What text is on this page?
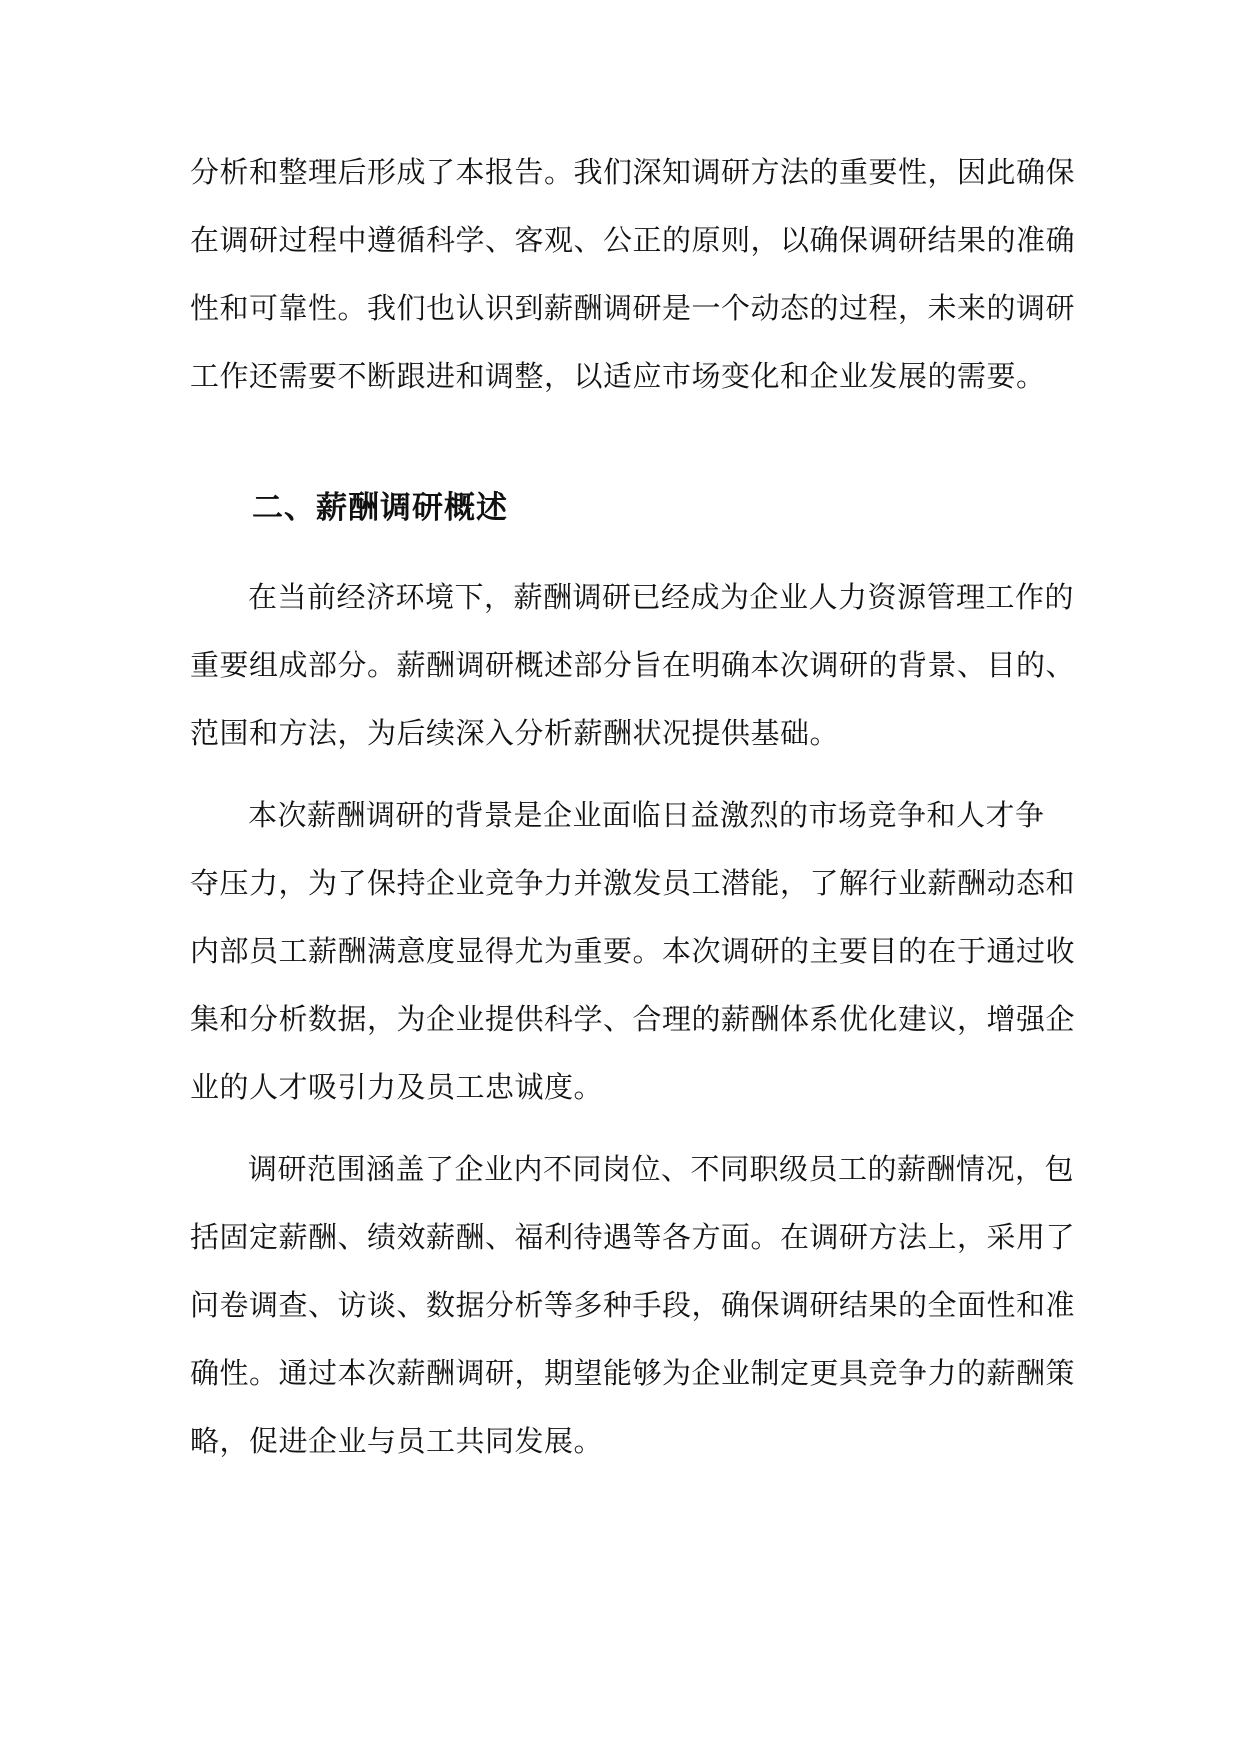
分析和整理后形成了本报告。我们深知调研方法的重要性，因此确保

在调研过程中遵循科学、客观、公正的原则，以确保调研结果的准确

性和可靠性。我们也认识到薪酬调研是一个动态的过程，未来的调研

工作还需要不断跟进和调整，以适应市场变化和企业发展的需要。

二、薪酬调研概述

在当前经济环境下，薪酬调研已经成为企业人力资源管理工作的

重要组成部分。薪酬调研概述部分旨在明确本次调研的背景、目的、

范围和方法，为后续深入分析薪酬状况提供基础。

本次薪酬调研的背景是企业面临日益激烈的市场竞争和人才争

夺压力，为了保持企业竞争力并激发员工潜能，了解行业薪酬动态和

内部员工薪酬满意度显得尤为重要。本次调研的主要目的在于通过收

集和分析数据，为企业提供科学、合理的薪酬体系优化建议，增强企

业的人才吸引力及员工忠诚度。

调研范围涵盖了企业内不同岗位、不同职级员工的薪酬情况，包

括固定薪酬、绩效薪酬、福利待遇等各方面。在调研方法上，采用了

问卷调查、访谈、数据分析等多种手段，确保调研结果的全面性和准

确性。通过本次薪酬调研，期望能够为企业制定更具竞争力的薪酬策

略，促进企业与员工共同发展。
